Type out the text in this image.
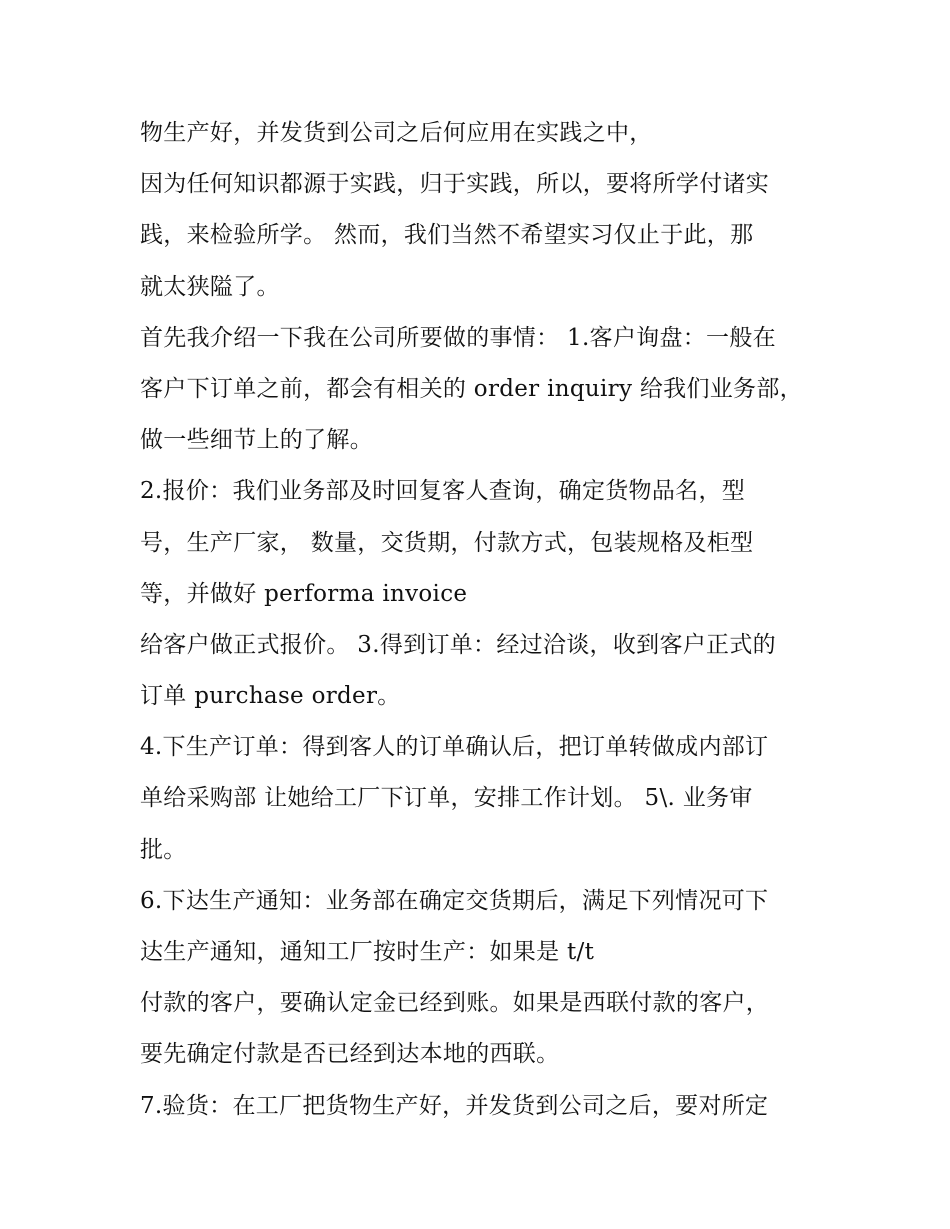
物生产好，并发货到公司之后何应用在实践之中，
因为任何知识都源于实践，归于实践，所以，要将所学付诸实
践，来检验所学。 然而，我们当然不希望实习仅止于此，那
就太狭隘了。
首先我介绍一下我在公司所要做的事情： 1.客户询盘：一般在
客户下订单之前，都会有相关的 order inquiry 给我们业务部，
做一些细节上的了解。
2.报价：我们业务部及时回复客人查询，确定货物品名，型
号，生产厂家， 数量，交货期，付款方式，包装规格及柜型
等，并做好 performa invoice
给客户做正式报价。 3.得到订单：经过洽谈，收到客户正式的
订单 purchase order。
4.下生产订单：得到客人的订单确认后，把订单转做成内部订
单给采购部 让她给工厂下订单，安排工作计划。 5\. 业务审
批。
6.下达生产通知：业务部在确定交货期后，满足下列情况可下
达生产通知，通知工厂按时生产：如果是 t/t
付款的客户，要确认定金已经到账。如果是西联付款的客户，
要先确定付款是否已经到达本地的西联。
7.验货：在工厂把货物生产好，并发货到公司之后，要对所定
